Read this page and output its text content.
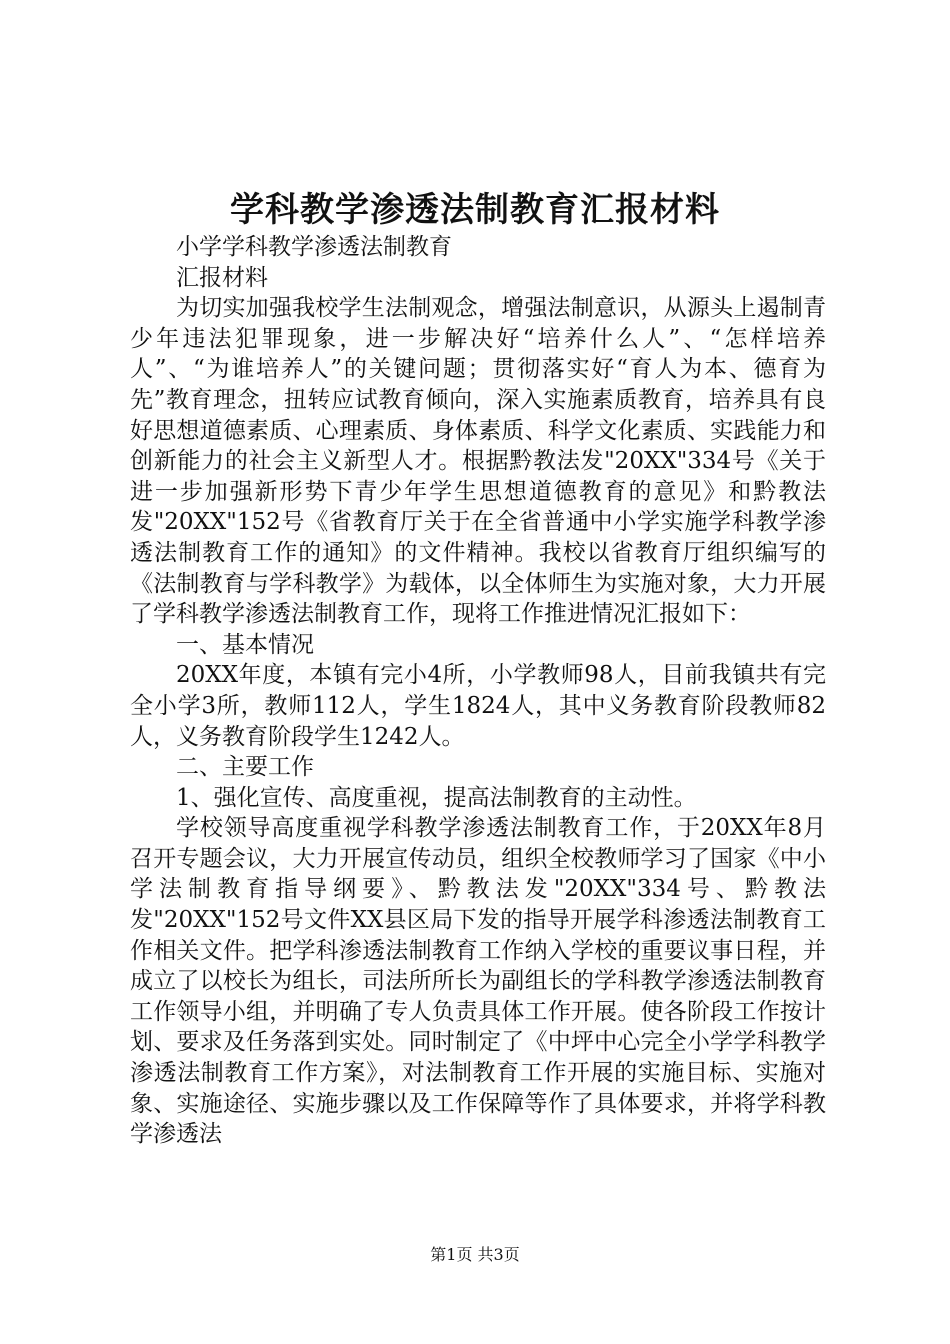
学科教学渗透法制教育汇报材料

小学学科教学渗透法制教育

汇报材料

为切实加强我校学生法制观念，增强法制意识，从源头上遏制青少年违法犯罪现象，进一步解决好“培养什么人”、“怎样培养人”、“为谁培养人”的关键问题；贯彻落实好“育人为本、德育为先”教育理念，扭转应试教育倾向，深入实施素质教育，培养具有良好思想道德素质、心理素质、身体素质、科学文化素质、实践能力和创新能力的社会主义新型人才。根据黔教法发"20XX"334号《关于进一步加强新形势下青少年学生思想道德教育的意见》和黔教法发"20XX"152号《省教育厅关于在全省普通中小学实施学科教学渗透法制教育工作的通知》的文件精神。我校以省教育厅组织编写的《法制教育与学科教学》为载体，以全体师生为实施对象，大力开展了学科教学渗透法制教育工作，现将工作推进情况汇报如下：

一、基本情况

20XX年度，本镇有完小4所，小学教师98人，目前我镇共有完全小学3所，教师112人，学生1824人，其中义务教育阶段教师82人，义务教育阶段学生1242人。

二、主要工作

1、强化宣传、高度重视，提高法制教育的主动性。

学校领导高度重视学科教学渗透法制教育工作，于20XX年8月召开专题会议，大力开展宣传动员，组织全校教师学习了国家《中小学法制教育指导纲要》、黔教法发"20XX"334号、黔教法发"20XX"152号文件XX县区局下发的指导开展学科渗透法制教育工作相关文件。把学科渗透法制教育工作纳入学校的重要议事日程，并成立了以校长为组长，司法所所长为副组长的学科教学渗透法制教育工作领导小组，并明确了专人负责具体工作开展。使各阶段工作按计划、要求及任务落到实处。同时制定了《中坪中心完全小学学科教学渗透法制教育工作方案》，对法制教育工作开展的实施目标、实施对象、实施途径、实施步骤以及工作保障等作了具体要求，并将学科教学渗透法

第1页 共3页
